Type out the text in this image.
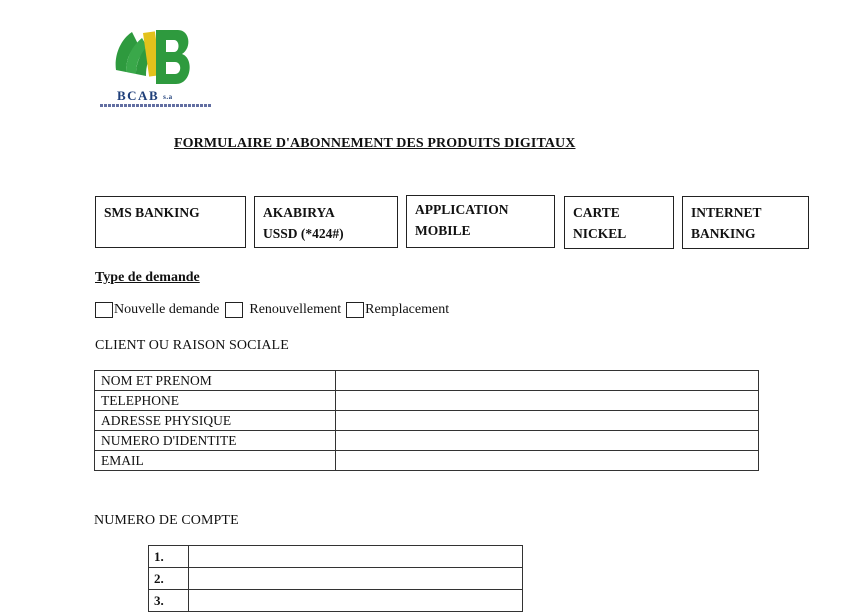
BCAB s.a
FORMULAIRE D'ABONNEMENT DES PRODUITS DIGITAUX
SMS BANKING	AKABIRYA
USSD (*424#)
APPLICATION
MOBILE
CARTE
NICKEL
INTERNET
BANKING
Type de demande
Nouvelle demande Renouvellement Remplacement
CLIENT OU RAISON SOCIALE
NOM ET PRENOM	
TELEPHONE	
ADRESSE PHYSIQUE	
NUMERO D'IDENTITE	
EMAIL	
NUMERO DE COMPTE
1.	
2.	
3.	
